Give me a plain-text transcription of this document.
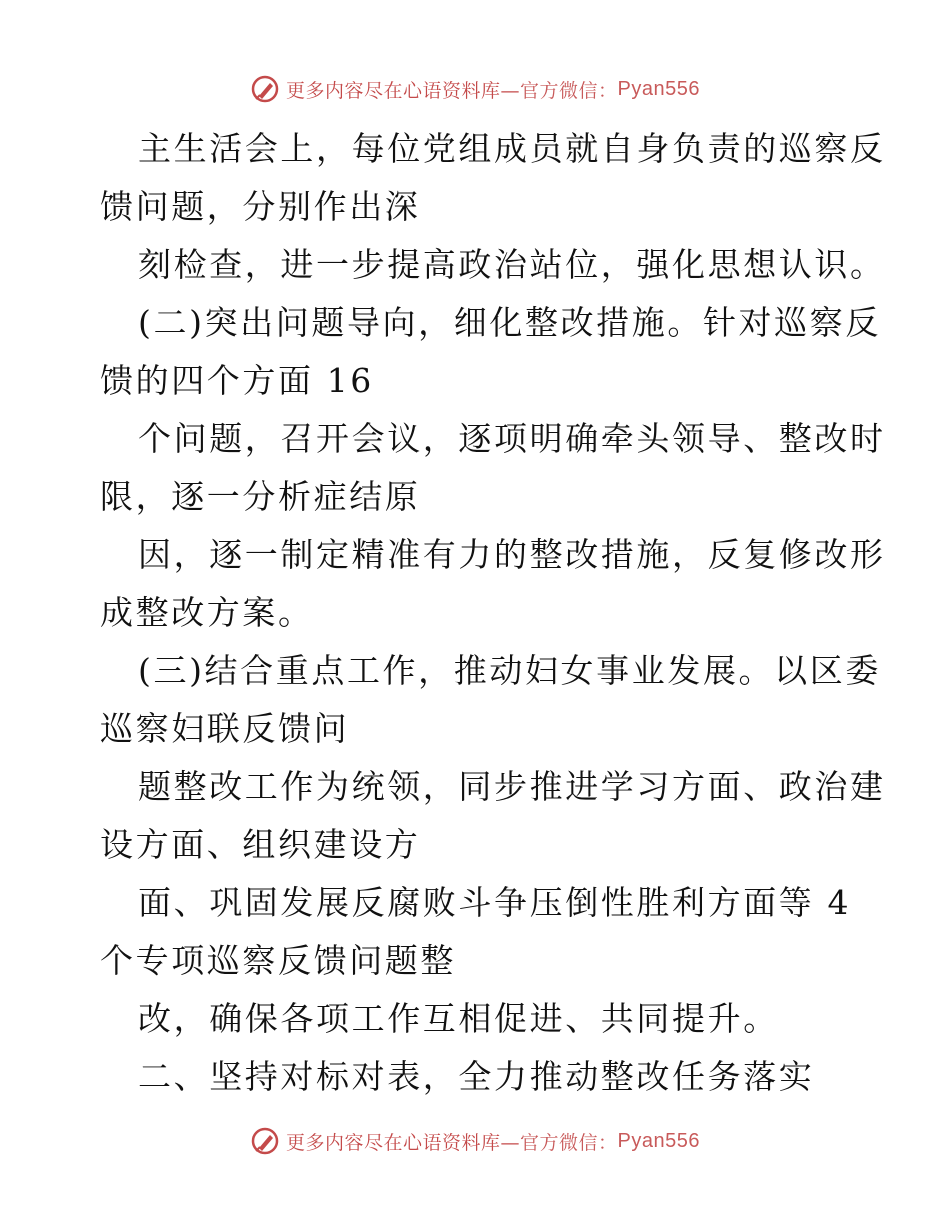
更多内容尽在心语资料库— 官方微信： Pyan556
主生活会上，每位党组成员就自身负责的巡察反
馈问题，分别作出深
刻检查，进一步提高政治站位，强化思想认识。
(二)突出问题导向，细化整改措施。针对巡察反
馈的四个方面 16
个问题，召开会议，逐项明确牵头领导、整改时
限，逐一分析症结原
因，逐一制定精准有力的整改措施，反复修改形
成整改方案。
(三)结合重点工作，推动妇女事业发展。以区委
巡察妇联反馈问
题整改工作为统领，同步推进学习方面、政治建
设方面、组织建设方
面、巩固发展反腐败斗争压倒性胜利方面等 4
个专项巡察反馈问题整
改，确保各项工作互相促进、共同提升。
二、坚持对标对表，全力推动整改任务落实
更多内容尽在心语资料库— 官方微信： Pyan556
